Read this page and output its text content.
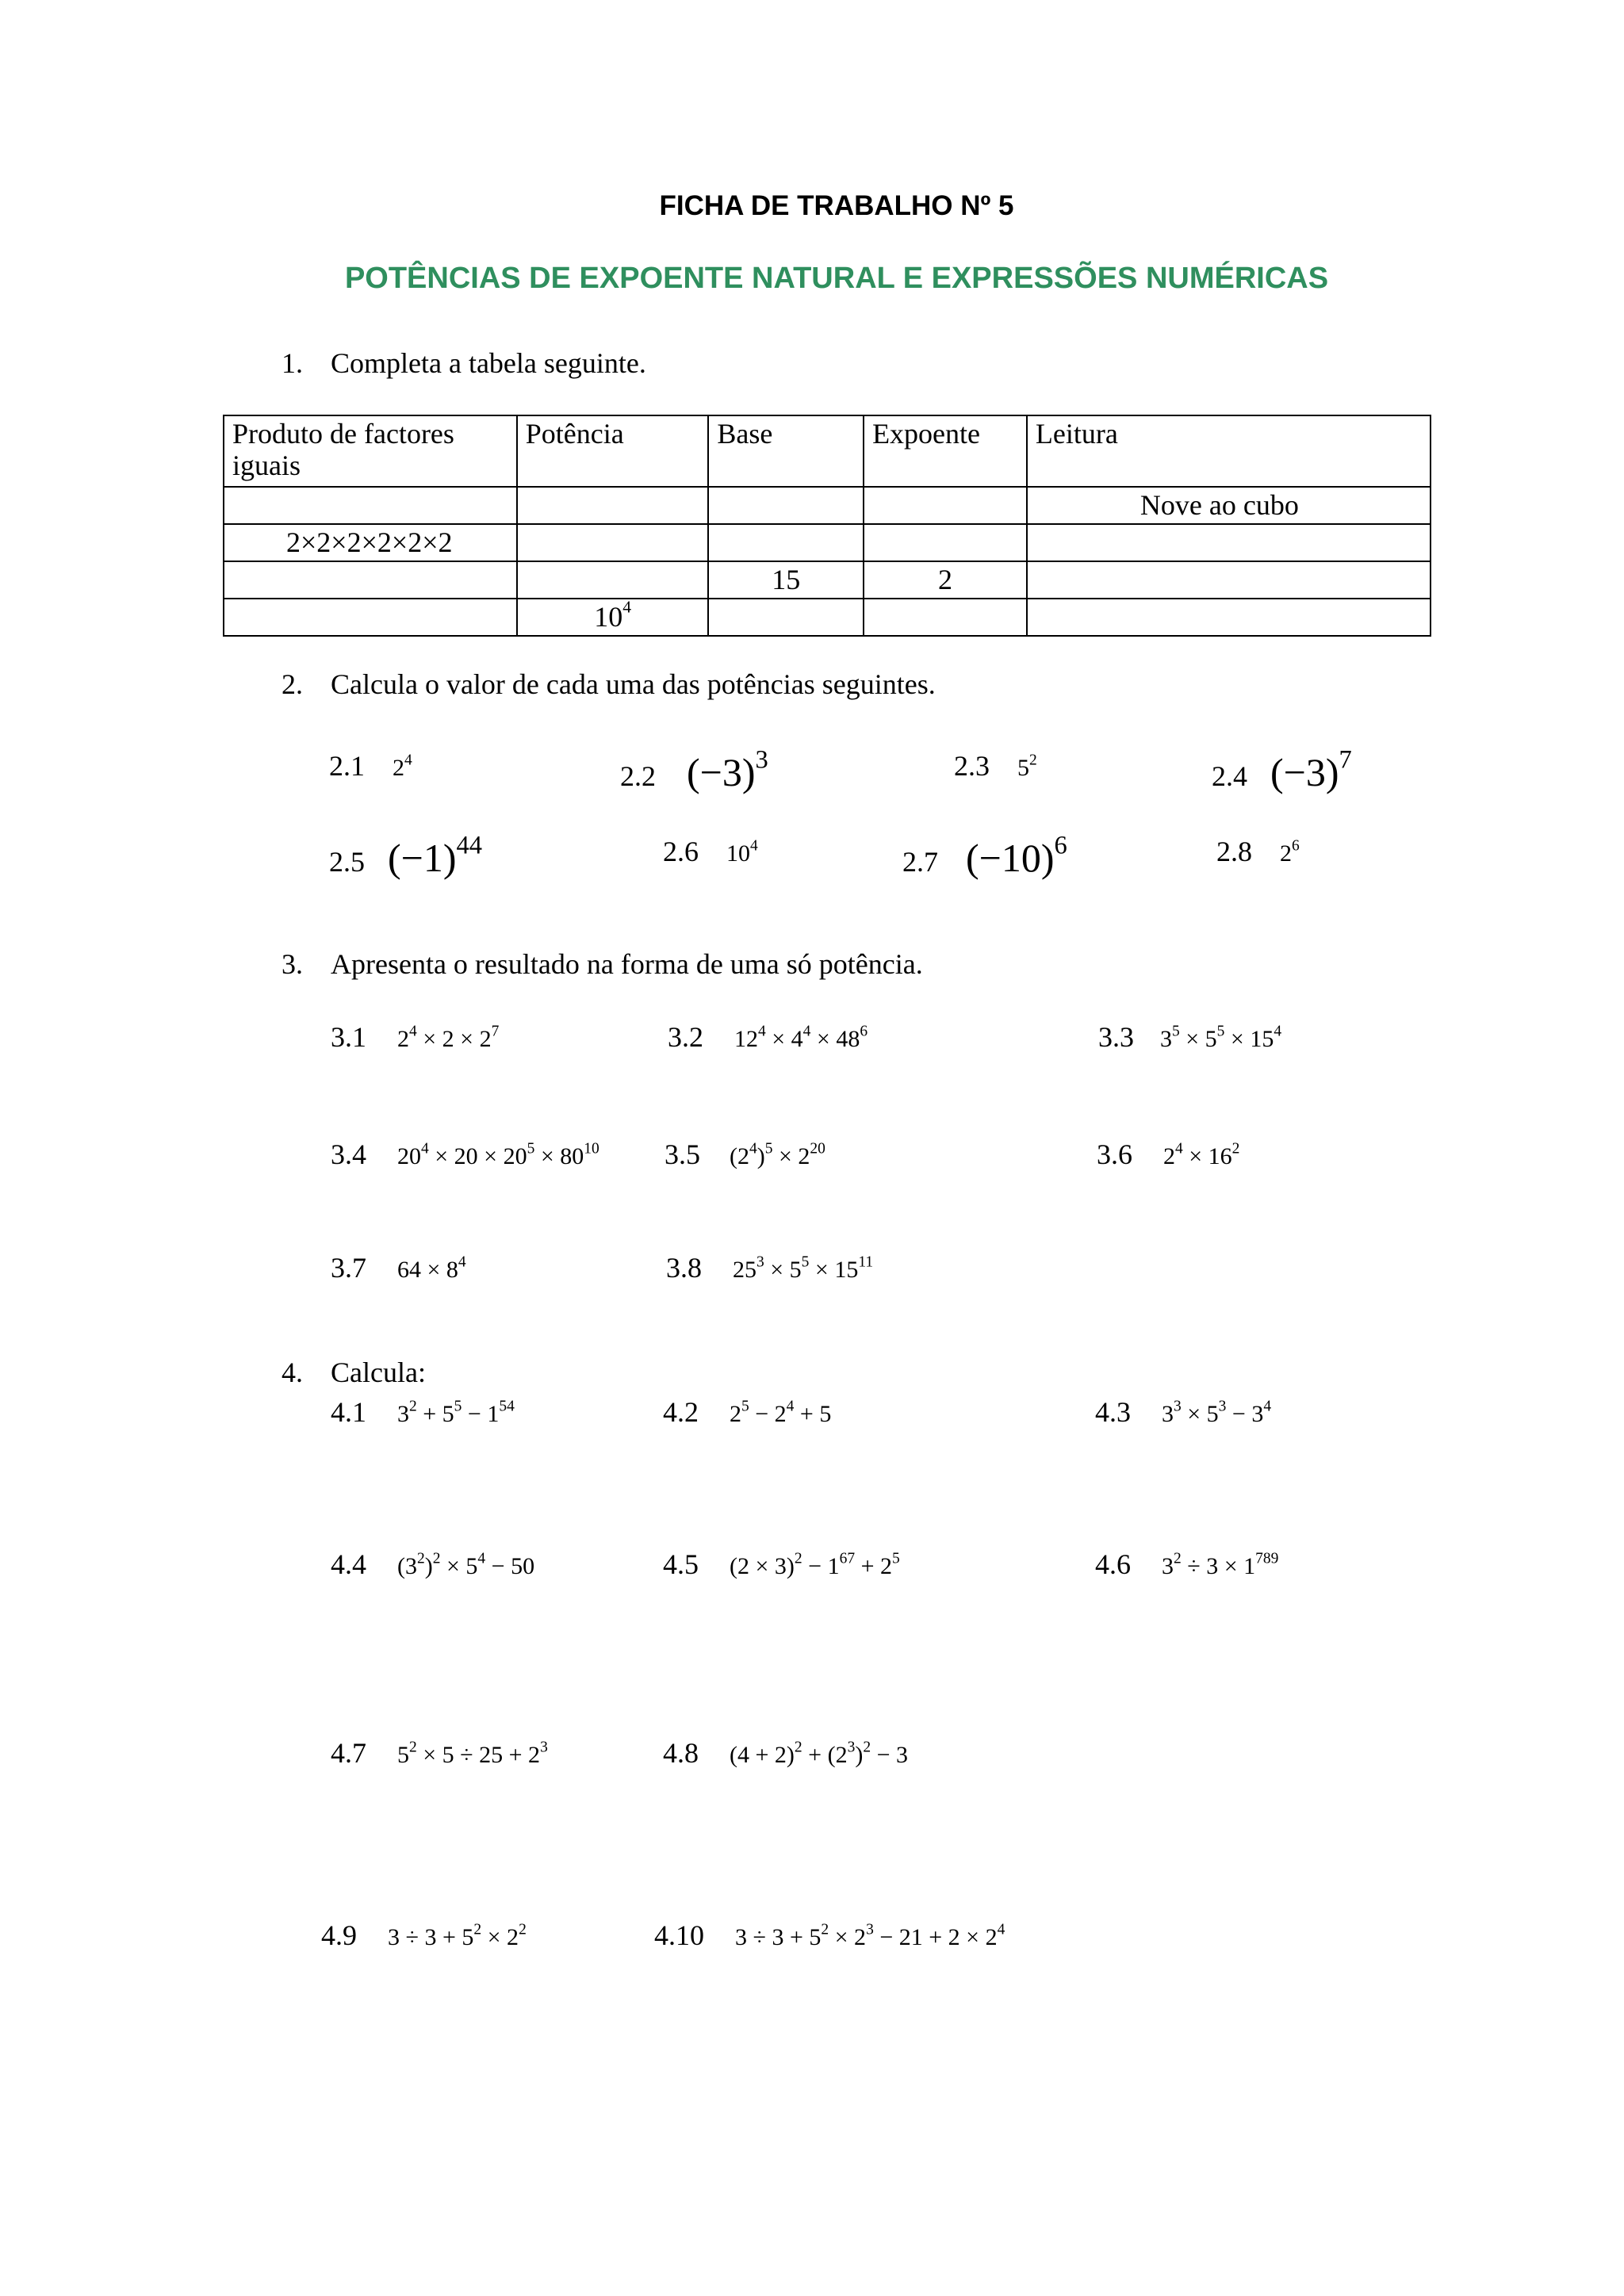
FICHA DE TRABALHO Nº 5
POTÊNCIAS DE EXPOENTE NATURAL E EXPRESSÕES NUMÉRICAS
1. Completa a tabela seguinte.
Produto de factores iguais	Potência	Base	Expoente	Leitura
				Nove ao cubo
2×2×2×2×2×2				
		15	2	
	$10^4$			
2. Calcula o valor de cada uma das potências seguintes.
2.1 $2^4$
2.2 $(-3)^3$	2.3 $5^2$
2.4 $(-3)^7$
2.5 $(-1)^{44}$	2.6 $10^4$
2.7 $(-10)^6$	2.8 $2^6$
3. Apresenta o resultado na forma de uma só potência.
3.1 $2^4 \times 2 \times 2^7$	3.2 $12^4 \times 4^4 \times 48^6$	3.3 $3^5 \times 5^5 \times 15^4$
3.4 $20^4 \times 20 \times 20^5 \times 80^{10}$ 3.5 $(2^4)^5 \times 2^{20}$	3.6 $2^4 \times 16^2$
3.7 $64 \times 8^4$	3.8 $25^3 \times 5^5 \times 15^{11}$
4. Calcula:
4.1 $3^2 + 5^5 - 1^{54}$	4.2 $2^5 - 2^4 + 5$	4.3 $3^3 \times 5^3 - 3^4$
4.4 $(3^2)^2 \times 5^4 - 50$	4.5 $(2 \times 3)^2 - 1^{67} + 2^5$	4.6 $3^2 \div 3 \times 1^{789}$
4.7 $5^2 \times 5 \div 25 + 2^3$	4.8 $(4 + 2)^2 + (2^3)^2 - 3$
4.9 $3 \div 3 + 5^2 \times 2^2$	4.10 $3 \div 3 + 5^2 \times 2^3 - 21 + 2 \times 2^4$
